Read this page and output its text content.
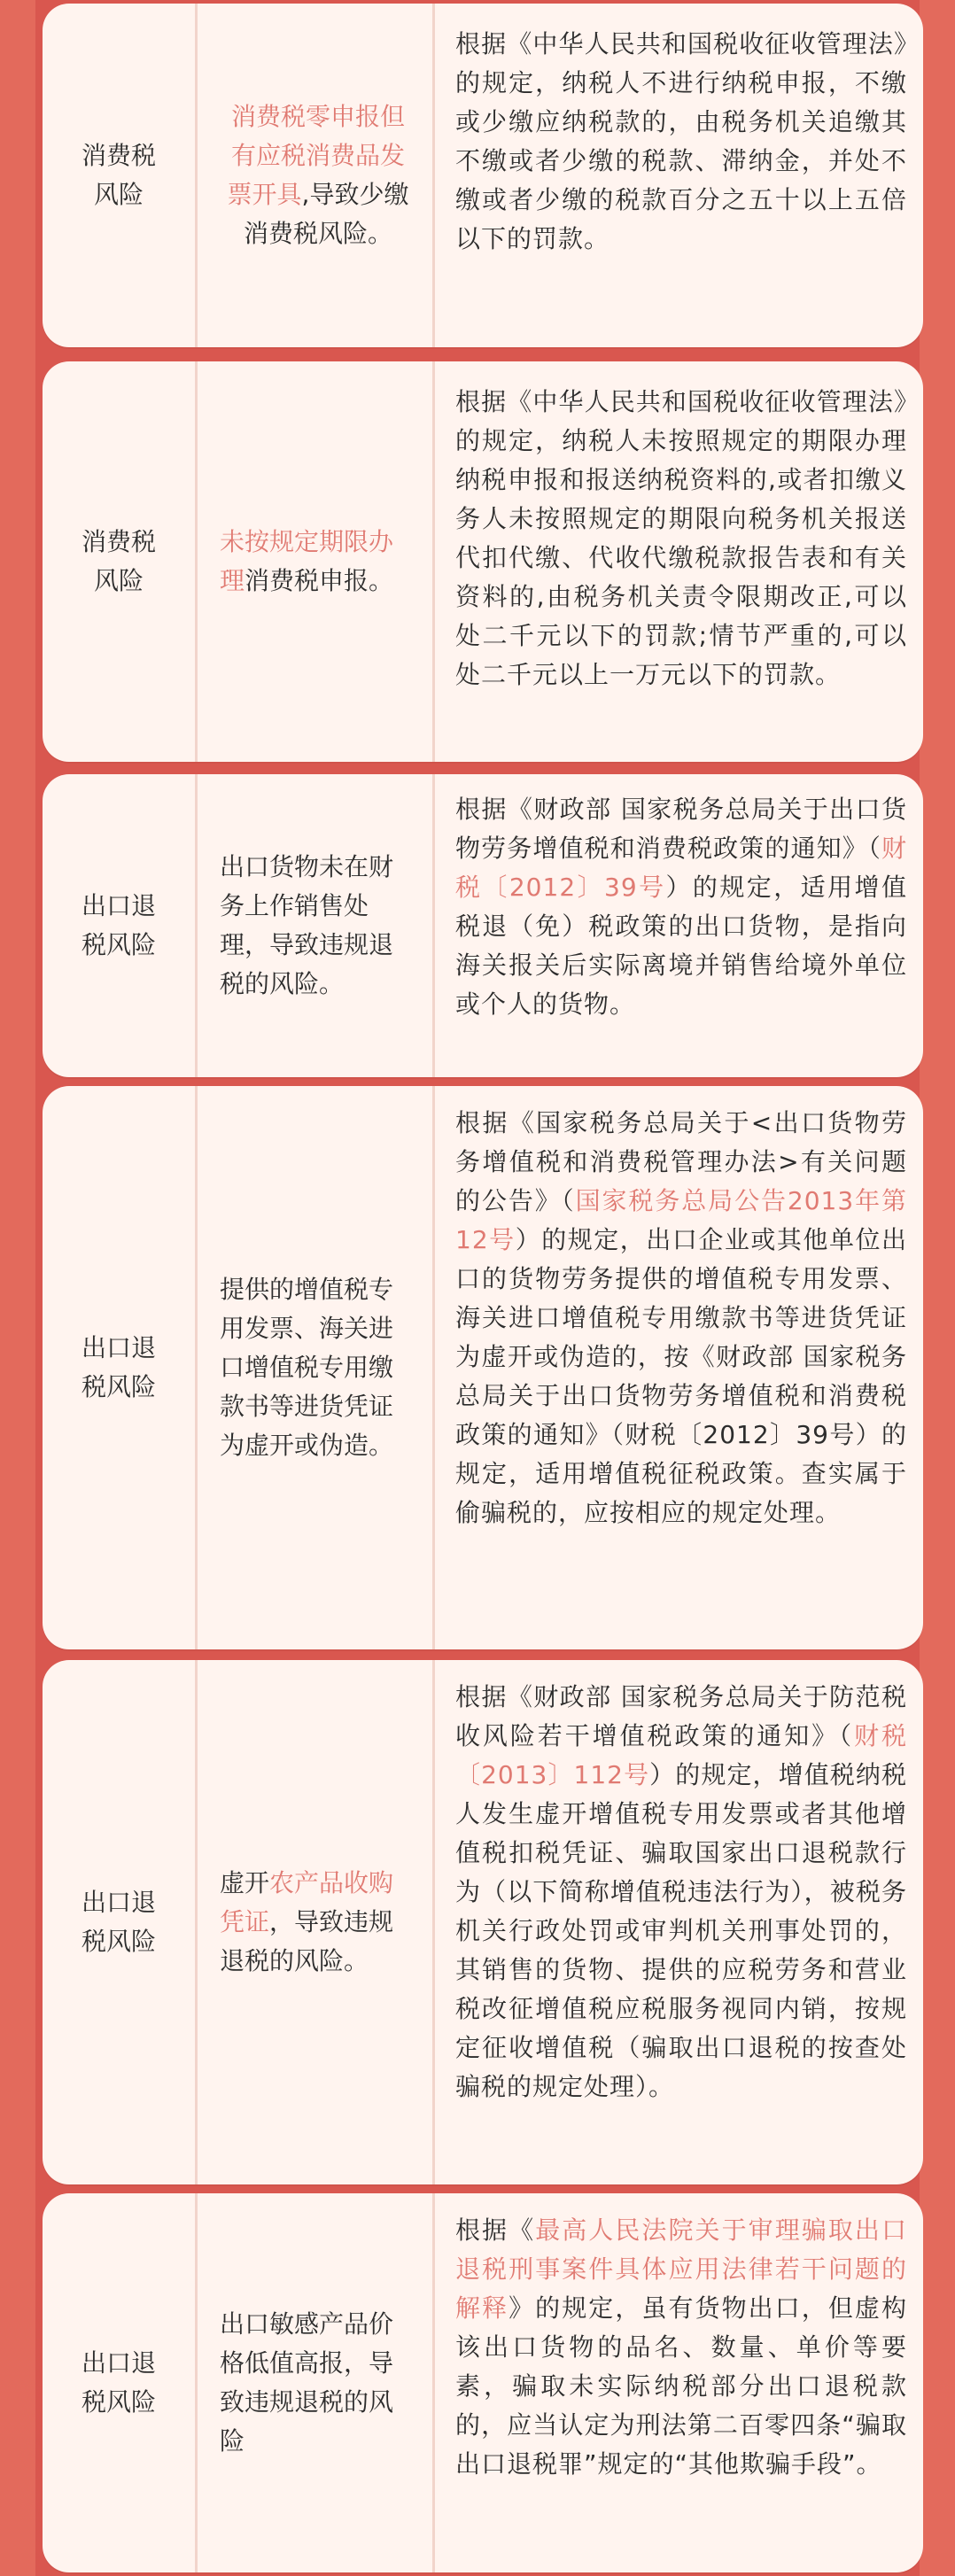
消费税风险

消费税零申报但有应税消费品发票开具,导致少缴消费税风险。

根据《中华人民共和国税收征收管理法》的规定，纳税人不进行纳税申报，不缴或少缴应纳税款的，由税务机关追缴其不缴或者少缴的税款、滞纳金，并处不缴或者少缴的税款百分之五十以上五倍以下的罚款。

消费税风险

未按规定期限办理消费税申报。

根据《中华人民共和国税收征收管理法》的规定，纳税人未按照规定的期限办理纳税申报和报送纳税资料的,或者扣缴义务人未按照规定的期限向税务机关报送代扣代缴、代收代缴税款报告表和有关资料的,由税务机关责令限期改正,可以处二千元以下的罚款;情节严重的,可以处二千元以上一万元以下的罚款。

出口退税风险

出口货物未在财务上作销售处理，导致违规退税的风险。

根据《财政部 国家税务总局关于出口货物劳务增值税和消费税政策的通知》（财税〔2012〕39号）的规定，适用增值税退（免）税政策的出口货物，是指向海关报关后实际离境并销售给境外单位或个人的货物。

出口退税风险

提供的增值税专用发票、海关进口增值税专用缴款书等进货凭证为虚开或伪造。

根据《国家税务总局关于<出口货物劳务增值税和消费税管理办法>有关问题的公告》（国家税务总局公告2013年第12号）的规定，出口企业或其他单位出口的货物劳务提供的增值税专用发票、海关进口增值税专用缴款书等进货凭证为虚开或伪造的，按《财政部 国家税务总局关于出口货物劳务增值税和消费税政策的通知》（财税〔2012〕39号）的规定，适用增值税征税政策。查实属于偷骗税的，应按相应的规定处理。

出口退税风险

虚开农产品收购凭证，导致违规退税的风险。

根据《财政部 国家税务总局关于防范税收风险若干增值税政策的通知》（财税〔2013〕112号）的规定，增值税纳税人发生虚开增值税专用发票或者其他增值税扣税凭证、骗取国家出口退税款行为（以下简称增值税违法行为），被税务机关行政处罚或审判机关刑事处罚的，其销售的货物、提供的应税劳务和营业税改征增值税应税服务视同内销，按规定征收增值税（骗取出口退税的按查处骗税的规定处理）。

出口退税风险

出口敏感产品价格低值高报，导致违规退税的风险

根据《最高人民法院关于审理骗取出口退税刑事案件具体应用法律若干问题的解释》的规定，虽有货物出口，但虚构该出口货物的品名、数量、单价等要素，骗取未实际纳税部分出口退税款的，应当认定为刑法第二百零四条“骗取出口退税罪”规定的“其他欺骗手段”。
